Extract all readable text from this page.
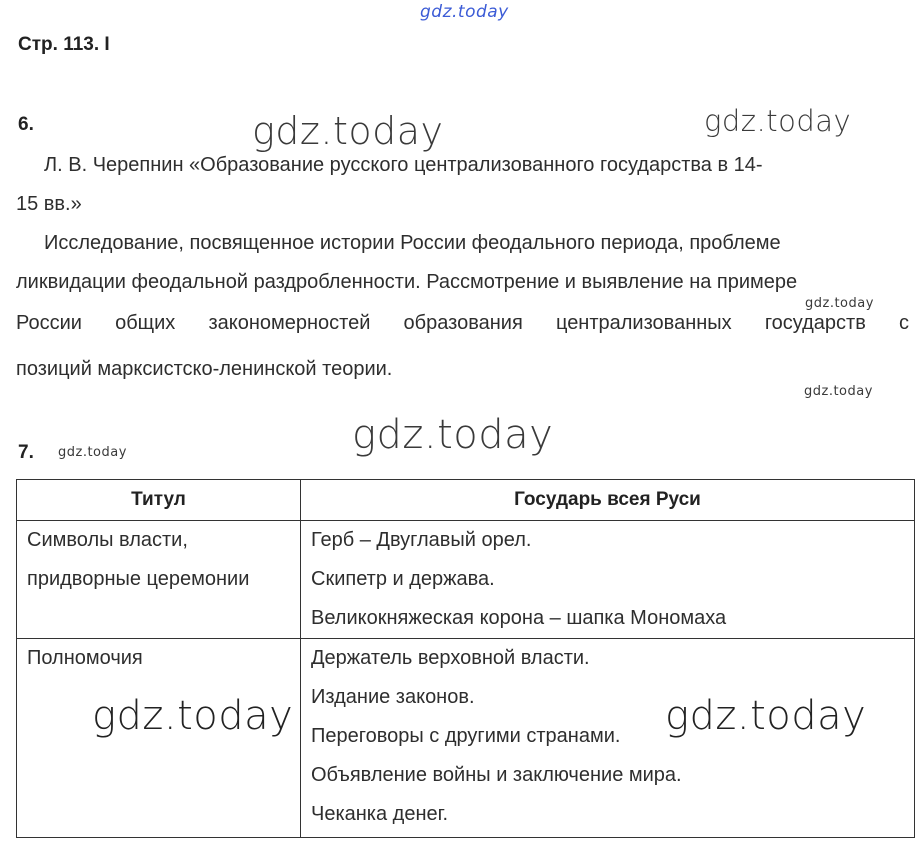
gdz.today
gdz.today	gdz.today
gdz.today
gdz.today
gdz.today
gdz.today
gdz.today	gdz.today
Стр. 113. І
6.
Л. В. Черепнин «Образование русского централизованного государства в 14-
15 вв.»
Исследование, посвященное истории России феодального периода, проблеме
ликвидации феодальной раздробленности. Рассмотрение и выявление на примере
России общих закономерностей образования централизованных государств с
позиций марксистско-ленинской теории.
7.
Титул	Государь всея Руси

Символы власти,
придворные церемонии	Герб – Двуглавый орел.
Скипетр и держава.
Великокняжеская корона – шапка Мономаха

Полномочия	Держатель верховной власти.
Издание законов.
Переговоры с другими странами.
Объявление войны и заключение мира.
Чеканка денег.
